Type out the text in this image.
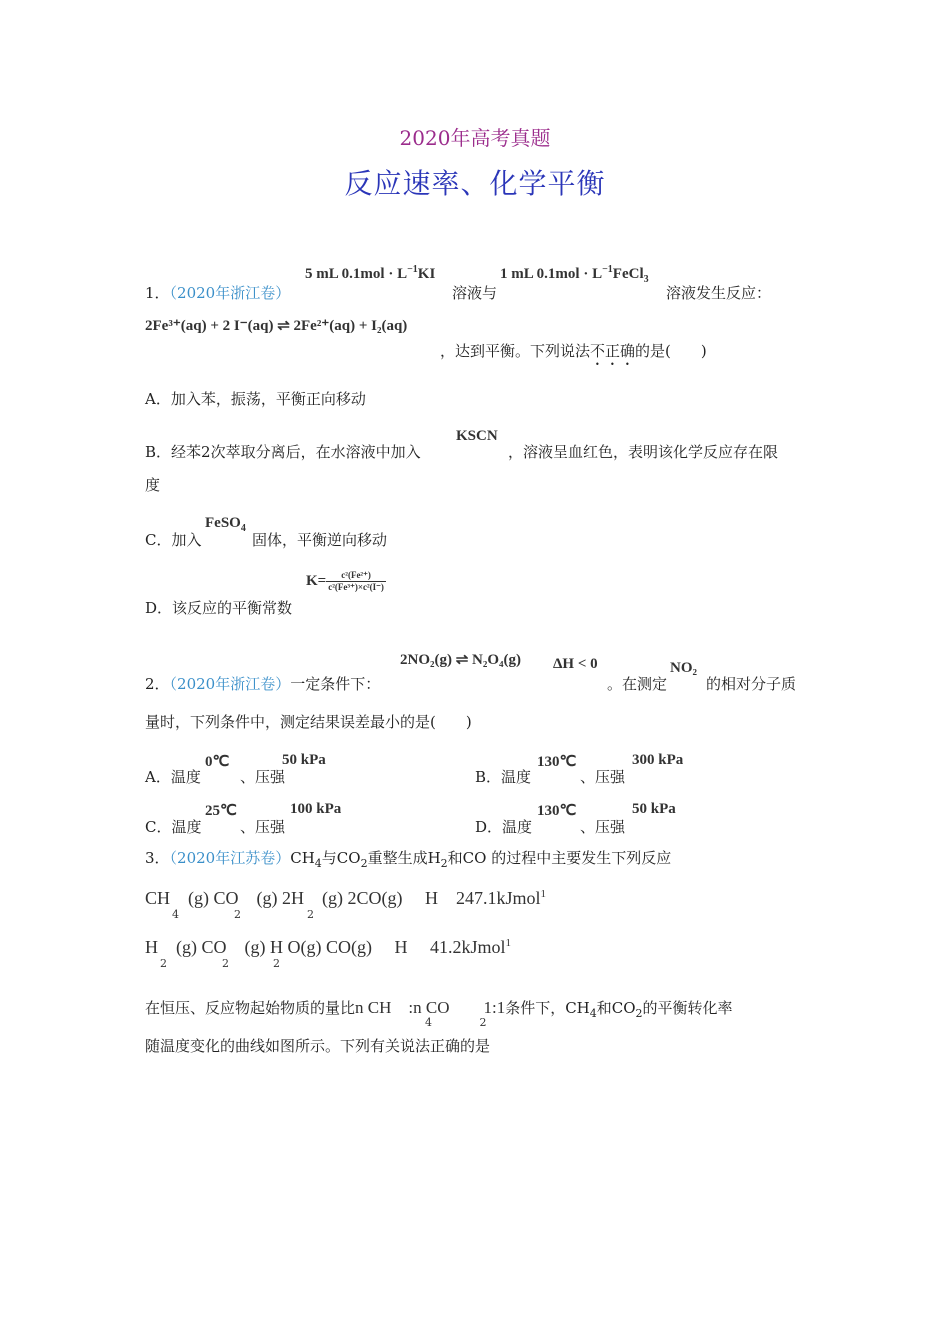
2020年高考真题
反应速率、化学平衡
1．（2020年浙江卷）
5 mL $0.1mol \cdot L^{-1}KI$
溶液与
1 mL $0.1mol \cdot L^{-1}FeCl_3$
溶液发生反应：
2Fe³⁺(aq) + 2 I⁻(aq) ⇌ 2Fe²⁺(aq) + I₂(aq)
，达到平衡。下列说法不正确的是(　　)
A．加入苯，振荡，平衡正向移动
B．经苯2次萃取分离后，在水溶液中加入
KSCN
，溶液呈血红色，表明该化学反应存在限
度
C．加入
FeSO$_4$
固体，平衡逆向移动
D．该反应的平衡常数
$K= \frac{\text{c²(Fe²⁺)}}{\text{c²(Fe³⁺)×c²(I⁻)}}$
2．（2020年浙江卷）一定条件下：
2NO₂(g) ⇌ N₂O₄(g) ΔH < 0
。在测定
NO₂
的相对分子质
量时，下列条件中，测定结果误差最小的是(　　)
A．温度
0℃
、压强
50 kPa
B．温度
130℃
、压强
300 kPa
C．温度
25℃
、压强
100 kPa
D．温度
130℃
、压强
50 kPa
3．（2020年江苏卷）$CH_4$与$CO_2$重整生成$H_2$和CO 的过程中主要发生下列反应
CH　(g) CO　(g) 2H　(g) 2CO(g)　 H　247.1kJmol$^1$
4　　　　　2　　　　　　2
H　(g) CO　(g) H O(g) CO(g)　 H　 41.2kJmol$^1$
2　　　　　2　　　　2
在恒压、反应物起始物质的量比n CH　:n CO　　1:1条件下，$CH_4$和$CO_2$的平衡转化率
4　　　　 2
随温度变化的曲线如图所示。下列有关说法正确的是
